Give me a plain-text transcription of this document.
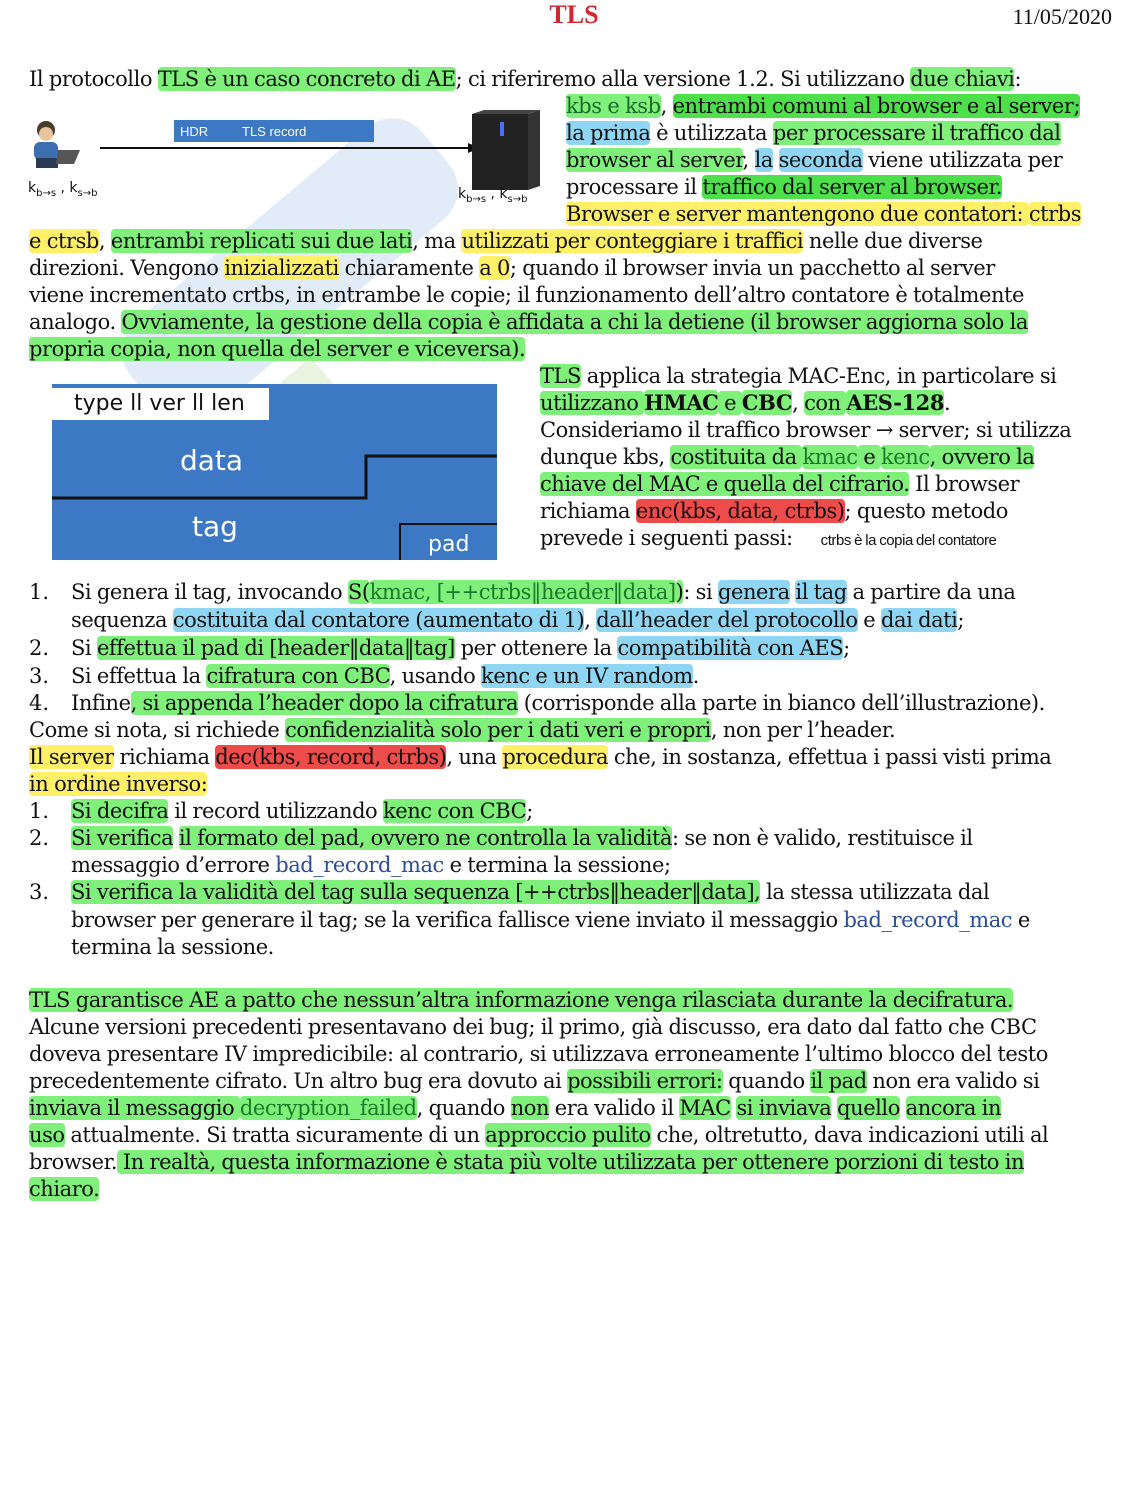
TLS	11/05/2020
Il protocollo TLS è un caso concreto di AE; ci riferiremo alla versione 1.2. Si utilizzano due chiavi:
HDR	TLS record
$k_{b\to s}$ , $k_{s\to b}$	$k_{b\to s}$ , $k_{s\to b}$
kbs e ksb, entrambi comuni al browser e al server;
la prima è utilizzata per processare il traffico dal
browser al server, la seconda viene utilizzata per
processare il traffico dal server al browser.
Browser e server mantengono due contatori: ctrbs
e ctrsb, entrambi replicati sui due lati, ma utilizzati per conteggiare i traffici nelle due diverse
direzioni. Vengono inizializzati chiaramente a 0; quando il browser invia un pacchetto al server
viene incrementato crtbs, in entrambe le copie; il funzionamento dell’altro contatore è totalmente
analogo. Ovviamente, la gestione della copia è affidata a chi la detiene (il browser aggiorna solo la
propria copia, non quella del server e viceversa).
type ll ver ll len
data
tag
pad
TLS applica la strategia MAC-Enc, in particolare si
utilizzano HMAC e CBC, con AES-128.
Consideriamo il traffico browser → server; si utilizza
dunque kbs, costituita da kmac e kenc, ovvero la
chiave del MAC e quella del cifrario. Il browser
richiama enc(kbs, data, ctrbs); questo metodo
prevede i seguenti passi: ctrbs è la copia del contatore
1. Si genera il tag, invocando S(kmac, [++ctrbs‖header‖data]): si genera il tag a partire da una
sequenza costituita dal contatore (aumentato di 1), dall’header del protocollo e dai dati;
2. Si effettua il pad di [header‖data‖tag] per ottenere la compatibilità con AES;
3. Si effettua la cifratura con CBC, usando kenc e un IV random.
4. Infine, si appenda l’header dopo la cifratura (corrisponde alla parte in bianco dell’illustrazione).
Come si nota, si richiede confidenzialità solo per i dati veri e propri, non per l’header.
Il server richiama dec(kbs, record, ctrbs), una procedura che, in sostanza, effettua i passi visti prima
in ordine inverso:
1. Si decifra il record utilizzando kenc con CBC;
2. Si verifica il formato del pad, ovvero ne controlla la validità: se non è valido, restituisce il
messaggio d’errore bad_record_mac e termina la sessione;
3. Si verifica la validità del tag sulla sequenza [++ctrbs‖header‖data], la stessa utilizzata dal
browser per generare il tag; se la verifica fallisce viene inviato il messaggio bad_record_mac e
termina la sessione.
TLS garantisce AE a patto che nessun’altra informazione venga rilasciata durante la decifratura.
Alcune versioni precedenti presentavano dei bug; il primo, già discusso, era dato dal fatto che CBC
doveva presentare IV impredicibile: al contrario, si utilizzava erroneamente l’ultimo blocco del testo
precedentemente cifrato. Un altro bug era dovuto ai possibili errori: quando il pad non era valido si
inviava il messaggio decryption_failed, quando non era valido il MAC si inviava quello ancora in
uso attualmente. Si tratta sicuramente di un approccio pulito che, oltretutto, dava indicazioni utili al
browser. In realtà, questa informazione è stata più volte utilizzata per ottenere porzioni di testo in
chiaro.
